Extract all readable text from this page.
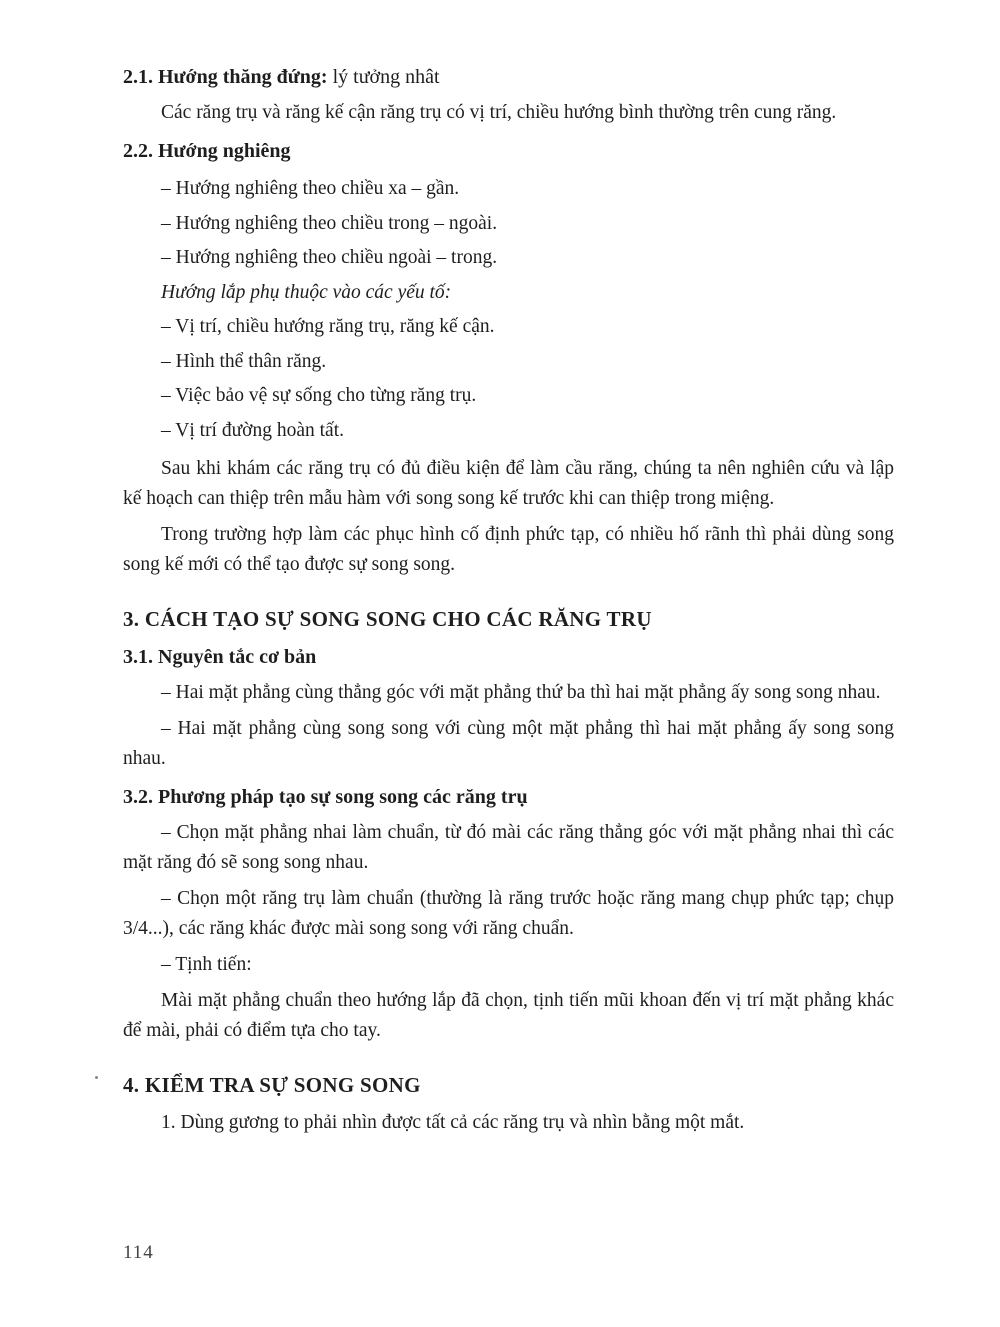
2.1. Hướng thăng đứng: lý tưởng nhât

Các răng trụ và răng kế cận răng trụ có vị trí, chiều hướng bình thường trên cung răng.

2.2. Hướng nghiêng

– Hướng nghiêng theo chiều xa – gần.

– Hướng nghiêng theo chiều trong – ngoài.

– Hướng nghiêng theo chiều ngoài – trong.

Hướng lắp phụ thuộc vào các yếu tố:

– Vị trí, chiều hướng răng trụ, răng kế cận.

– Hình thể thân răng.

– Việc bảo vệ sự sống cho từng răng trụ.

– Vị trí đường hoàn tất.

Sau khi khám các răng trụ có đủ điều kiện để làm cầu răng, chúng ta nên nghiên cứu và lập kế hoạch can thiệp trên mẫu hàm với song song kế trước khi can thiệp trong miệng.

Trong trường hợp làm các phục hình cố định phức tạp, có nhiều hố rãnh thì phải dùng song song kế mới có thể tạo được sự song song.

3. CÁCH TẠO SỰ SONG SONG CHO CÁC RĂNG TRỤ
3.1. Nguyên tắc cơ bản

– Hai mặt phẳng cùng thẳng góc với mặt phẳng thứ ba thì hai mặt phẳng ấy song song nhau.

– Hai mặt phẳng cùng song song với cùng một mặt phẳng thì hai mặt phẳng ấy song song nhau.

3.2. Phương pháp tạo sự song song các răng trụ

– Chọn mặt phẳng nhai làm chuẩn, từ đó mài các răng thẳng góc với mặt phẳng nhai thì các mặt răng đó sẽ song song nhau.

– Chọn một răng trụ làm chuẩn (thường là răng trước hoặc răng mang chụp phức tạp; chụp 3/4...), các răng khác được mài song song với răng chuẩn.

– Tịnh tiến:

Mài mặt phẳng chuẩn theo hướng lắp đã chọn, tịnh tiến mũi khoan đến vị trí mặt phẳng khác để mài, phải có điểm tựa cho tay.

4. KIỂM TRA SỰ SONG SONG

1. Dùng gương to phải nhìn được tất cả các răng trụ và nhìn bằng một mắt.

114
